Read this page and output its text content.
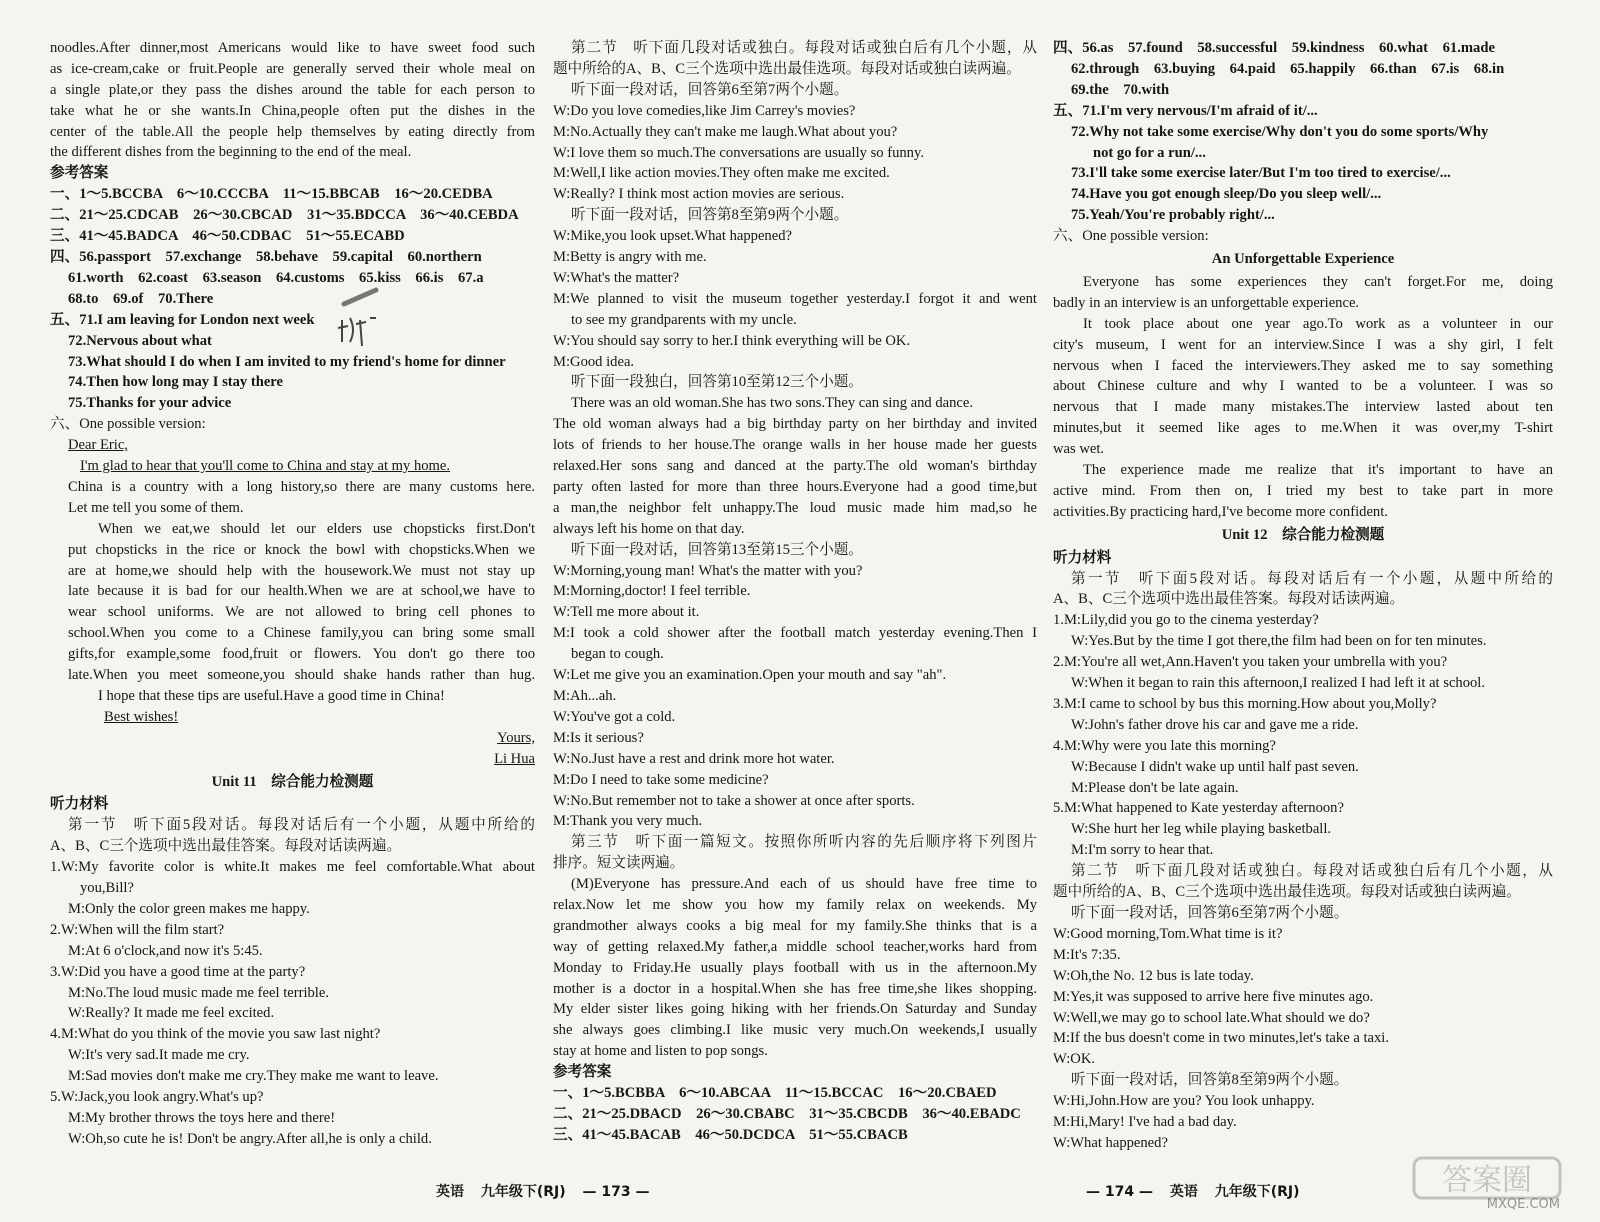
noodles.After dinner,most Americans would like to have sweet food such
as ice-cream,cake or fruit.People are generally served their whole meal on
a single plate,or they pass the dishes around the table for each person to
take what he or she wants.In China,people often put the dishes in the
center of the table.All the people help themselves by eating directly from
the different dishes from the beginning to the end of the meal.
参考答案
一、1～5.BCCBA　6～10.CCCBA　11～15.BBCAB　16～20.CEDBA
二、21～25.CDCAB　26～30.CBCAD　31～35.BDCCA　36～40.CEBDA
三、41～45.BADCA　46～50.CDBAC　51～55.ECABD
四、56.passport　57.exchange　58.behave　59.capital　60.northern
61.worth　62.coast　63.season　64.customs　65.kiss　66.is　67.a
68.to　69.of　70.There
五、71.I am leaving for London next week
72.Nervous about what
73.What should I do when I am invited to my friend's home for dinner
74.Then how long may I stay there
75.Thanks for your advice
六、One possible version:
Dear Eric,
I'm glad to hear that you'll come to China and stay at my home.
China is a country with a long history,so there are many customs here.
Let me tell you some of them.
When we eat,we should let our elders use chopsticks first.Don't
put chopsticks in the rice or knock the bowl with chopsticks.When we
are at home,we should help with the housework.We must not stay up
late because it is bad for our health.When we are at school,we have to
wear school uniforms. We are not allowed to bring cell phones to
school.When you come to a Chinese family,you can bring some small
gifts,for example,some food,fruit or flowers. You don't go there too
late.When you meet someone,you should shake hands rather than hug.
I hope that these tips are useful.Have a good time in China!
Best wishes!
Yours,
Li Hua
Unit 11　综合能力检测题
听力材料
第一节　听下面5段对话。每段对话后有一个小题，从题中所给的
A、B、C三个选项中选出最佳答案。每段对话读两遍。
1.W:My favorite color is white.It makes me feel comfortable.What about
you,Bill?
M:Only the color green makes me happy.
2.W:When will the film start?
M:At 6 o'clock,and now it's 5:45.
3.W:Did you have a good time at the party?
M:No.The loud music made me feel terrible.
W:Really? It made me feel excited.
4.M:What do you think of the movie you saw last night?
W:It's very sad.It made me cry.
M:Sad movies don't make me cry.They make me want to leave.
5.W:Jack,you look angry.What's up?
M:My brother throws the toys here and there!
W:Oh,so cute he is! Don't be angry.After all,he is only a child.
第二节　听下面几段对话或独白。每段对话或独白后有几个小题，从
题中所给的A、B、C三个选项中选出最佳选项。每段对话或独白读两遍。
听下面一段对话，回答第6至第7两个小题。
W:Do you love comedies,like Jim Carrey's movies?
M:No.Actually they can't make me laugh.What about you?
W:I love them so much.The conversations are usually so funny.
M:Well,I like action movies.They often make me excited.
W:Really? I think most action movies are serious.
听下面一段对话，回答第8至第9两个小题。
W:Mike,you look upset.What happened?
M:Betty is angry with me.
W:What's the matter?
M:We planned to visit the museum together yesterday.I forgot it and went
to see my grandparents with my uncle.
W:You should say sorry to her.I think everything will be OK.
M:Good idea.
听下面一段独白，回答第10至第12三个小题。
There was an old woman.She has two sons.They can sing and dance.
The old woman always had a big birthday party on her birthday and invited
lots of friends to her house.The orange walls in her house made her guests
relaxed.Her sons sang and danced at the party.The old woman's birthday
party often lasted for more than three hours.Everyone had a good time,but
a man,the neighbor felt unhappy.The loud music made him mad,so he
always left his home on that day.
听下面一段对话，回答第13至第15三个小题。
W:Morning,young man! What's the matter with you?
M:Morning,doctor! I feel terrible.
W:Tell me more about it.
M:I took a cold shower after the football match yesterday evening.Then I
began to cough.
W:Let me give you an examination.Open your mouth and say "ah".
M:Ah...ah.
W:You've got a cold.
M:Is it serious?
W:No.Just have a rest and drink more hot water.
M:Do I need to take some medicine?
W:No.But remember not to take a shower at once after sports.
M:Thank you very much.
第三节　听下面一篇短文。按照你所听内容的先后顺序将下列图片
排序。短文读两遍。
(M)Everyone has pressure.And each of us should have free time to
relax.Now let me show you how my family relax on weekends. My
grandmother always cooks a big meal for my family.She thinks that is a
way of getting relaxed.My father,a middle school teacher,works hard from
Monday to Friday.He usually plays football with us in the afternoon.My
mother is a doctor in a hospital.When she has free time,she likes shopping.
My elder sister likes going hiking with her friends.On Saturday and Sunday
she always goes climbing.I like music very much.On weekends,I usually
stay at home and listen to pop songs.
参考答案
一、1～5.BCBBA　6～10.ABCAA　11～15.BCCAC　16～20.CBAED
二、21～25.DBACD　26～30.CBABC　31～35.CBCDB　36～40.EBADC
三、41～45.BACAB　46～50.DCDCA　51～55.CBACB
四、56.as　57.found　58.successful　59.kindness　60.what　61.made
62.through　63.buying　64.paid　65.happily　66.than　67.is　68.in
69.the　70.with
五、71.I'm very nervous/I'm afraid of it/...
72.Why not take some exercise/Why don't you do some sports/Why
not go for a run/...
73.I'll take some exercise later/But I'm too tired to exercise/...
74.Have you got enough sleep/Do you sleep well/...
75.Yeah/You're probably right/...
六、One possible version:
An Unforgettable Experience
Everyone has some experiences they can't forget.For me, doing
badly in an interview is an unforgettable experience.
It took place about one year ago.To work as a volunteer in our
city's museum, I went for an interview.Since I was a shy girl, I felt
nervous when I faced the interviewers.They asked me to say something
about Chinese culture and why I wanted to be a volunteer. I was so
nervous that I made many mistakes.The interview lasted about ten
minutes,but it seemed like ages to me.When it was over,my T-shirt
was wet.
The experience made me realize that it's important to have an
active mind. From then on, I tried my best to take part in more
activities.By practicing hard,I've become more confident.
Unit 12　综合能力检测题
听力材料
第一节　听下面5段对话。每段对话后有一个小题，从题中所给的
A、B、C三个选项中选出最佳答案。每段对话读两遍。
1.M:Lily,did you go to the cinema yesterday?
W:Yes.But by the time I got there,the film had been on for ten minutes.
2.M:You're all wet,Ann.Haven't you taken your umbrella with you?
W:When it began to rain this afternoon,I realized I had left it at school.
3.M:I came to school by bus this morning.How about you,Molly?
W:John's father drove his car and gave me a ride.
4.M:Why were you late this morning?
W:Because I didn't wake up until half past seven.
M:Please don't be late again.
5.M:What happened to Kate yesterday afternoon?
W:She hurt her leg while playing basketball.
M:I'm sorry to hear that.
第二节　听下面几段对话或独白。每段对话或独白后有几个小题，从
题中所给的A、B、C三个选项中选出最佳选项。每段对话或独白读两遍。
听下面一段对话，回答第6至第7两个小题。
W:Good morning,Tom.What time is it?
M:It's 7:35.
W:Oh,the No. 12 bus is late today.
M:Yes,it was supposed to arrive here five minutes ago.
W:Well,we may go to school late.What should we do?
M:If the bus doesn't come in two minutes,let's take a taxi.
W:OK.
听下面一段对话，回答第8至第9两个小题。
W:Hi,John.How are you? You look unhappy.
M:Hi,Mary! I've had a bad day.
W:What happened?
英语 九年级下(RJ) — 173 —	— 174 — 英语 九年级下(RJ)	答案圈
MXQE.COM
